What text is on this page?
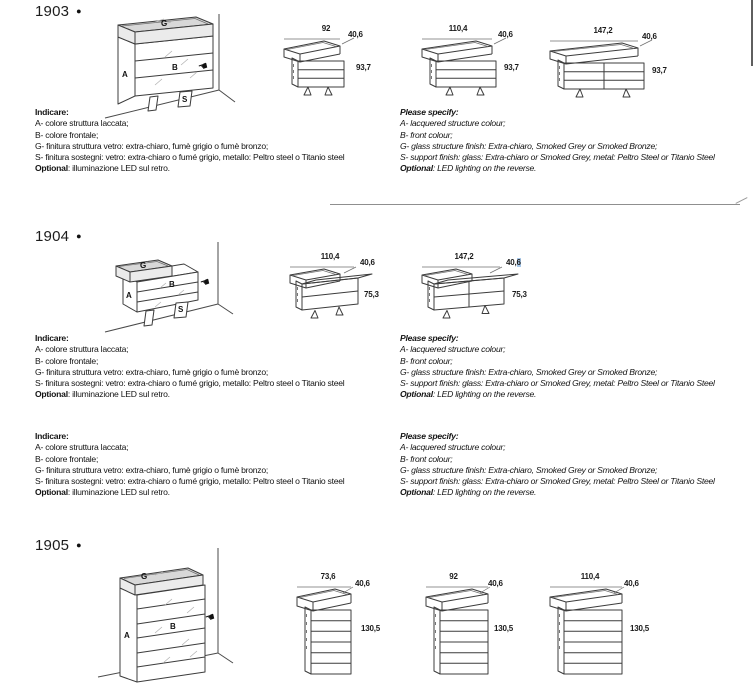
1903 ●
G
A
B
S
☚
92
40,6
93,7
110,4
40,6
93,7
147,2
40,6
93,7
Indicare:
A- colore struttura laccata;
B- colore frontale;
G- finitura struttura vetro: extra-chiaro, fumè grigio o fumè bronzo;
S- finitura sostegni: vetro: extra-chiaro o fumé grigio, metallo: Peltro steel o Titanio steel
Optional: illuminazione LED sul retro.
Please specify:
A- lacquered structure colour;
B- front colour;
G- glass structure finish: Extra-chiaro, Smoked Grey or Smoked Bronze;
S- support finish: glass: Extra-chiaro or Smoked Grey, metal: Peltro Steel or Titanio Steel
Optional: LED lighting on the reverse.
1904 ●
G
A
B
S
☚
110,4
40,6
75,3
147,2
40,6
75,3
Indicare:
A- colore struttura laccata;
B- colore frontale;
G- finitura struttura vetro: extra-chiaro, fumè grigio o fumè bronzo;
S- finitura sostegni: vetro: extra-chiaro o fumé grigio, metallo: Peltro steel o Titanio steel
Optional: illuminazione LED sul retro.
Please specify:
A- lacquered structure colour;
B- front colour;
G- glass structure finish: Extra-chiaro, Smoked Grey or Smoked Bronze;
S- support finish: glass: Extra-chiaro or Smoked Grey, metal: Peltro Steel or Titanio Steel
Optional: LED lighting on the reverse.
Indicare:
A- colore struttura laccata;
B- colore frontale;
G- finitura struttura vetro: extra-chiaro, fumè grigio o fumè bronzo;
S- finitura sostegni: vetro: extra-chiaro o fumé grigio, metallo: Peltro steel o Titanio steel
Optional: illuminazione LED sul retro.
Please specify:
A- lacquered structure colour;
B- front colour;
G- glass structure finish: Extra-chiaro, Smoked Grey or Smoked Bronze;
S- support finish: glass: Extra-chiaro or Smoked Grey, metal: Peltro Steel or Titanio Steel
Optional: LED lighting on the reverse.
1905 ●
G
A
B
☚
73,6
40,6
130,5
92
40,6
130,5
110,4
40,6
130,5
